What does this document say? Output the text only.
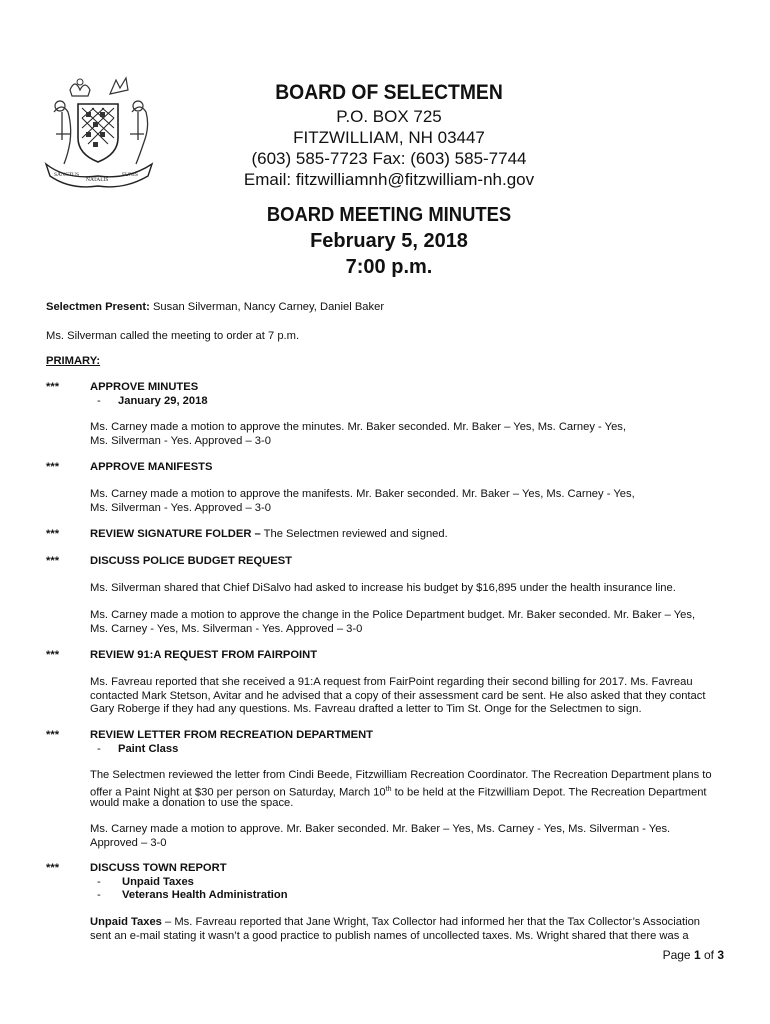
SANCTUS
NATALIS
FUNIS
BOARD OF SELECTMEN
P.O. BOX 725
FITZWILLIAM, NH 03447
(603) 585-7723 Fax: (603) 585-7744
Email: fitzwilliamnh@fitzwilliam-nh.gov
BOARD MEETING MINUTES
February 5, 2018
7:00 p.m.
Selectmen Present: Susan Silverman, Nancy Carney, Daniel Baker
Ms. Silverman called the meeting to order at 7 p.m.
PRIMARY:
***	APPROVE MINUTES
- January 29, 2018
Ms. Carney made a motion to approve the minutes. Mr. Baker seconded. Mr. Baker – Yes, Ms. Carney - Yes,
Ms. Silverman - Yes. Approved – 3-0
***	APPROVE MANIFESTS
Ms. Carney made a motion to approve the manifests. Mr. Baker seconded. Mr. Baker – Yes, Ms. Carney - Yes,
Ms. Silverman - Yes. Approved – 3-0
***	REVIEW SIGNATURE FOLDER – The Selectmen reviewed and signed.
***	DISCUSS POLICE BUDGET REQUEST
Ms. Silverman shared that Chief DiSalvo had asked to increase his budget by $16,895 under the health insurance line.
Ms. Carney made a motion to approve the change in the Police Department budget. Mr. Baker seconded. Mr. Baker – Yes,
Ms. Carney - Yes, Ms. Silverman - Yes. Approved – 3-0
***	REVIEW 91:A REQUEST FROM FAIRPOINT
Ms. Favreau reported that she received a 91:A request from FairPoint regarding their second billing for 2017. Ms. Favreau
contacted Mark Stetson, Avitar and he advised that a copy of their assessment card be sent. He also asked that they contact
Gary Roberge if they had any questions. Ms. Favreau drafted a letter to Tim St. Onge for the Selectmen to sign.
***	REVIEW LETTER FROM RECREATION DEPARTMENT
- Paint Class
The Selectmen reviewed the letter from Cindi Beede, Fitzwilliam Recreation Coordinator. The Recreation Department plans to
offer a Paint Night at $30 per person on Saturday, March 10th to be held at the Fitzwilliam Depot. The Recreation Department
would make a donation to use the space.
Ms. Carney made a motion to approve. Mr. Baker seconded. Mr. Baker – Yes, Ms. Carney - Yes, Ms. Silverman - Yes.
Approved – 3-0
***	DISCUSS TOWN REPORT
- Unpaid Taxes
- Veterans Health Administration
Unpaid Taxes – Ms. Favreau reported that Jane Wright, Tax Collector had informed her that the Tax Collector’s Association
sent an e-mail stating it wasn’t a good practice to publish names of uncollected taxes. Ms. Wright shared that there was a
Page 1 of 3
